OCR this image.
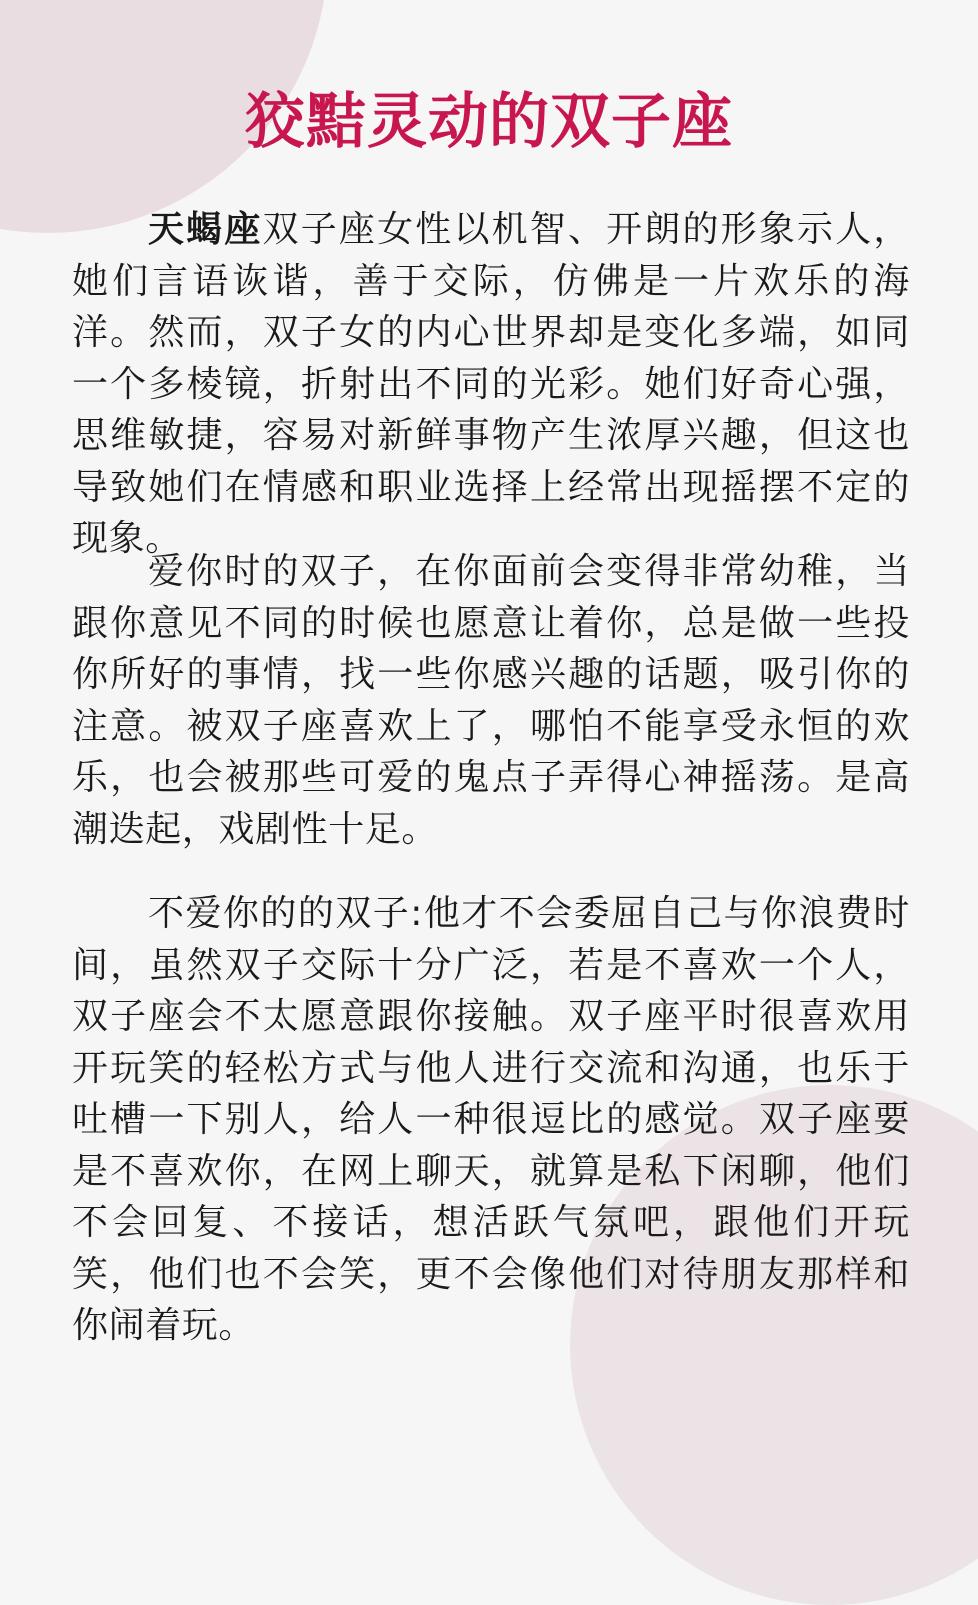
狡黠灵动的双子座
天蝎座双子座女性以机智、开朗的形象示人，她们言语诙谐，善于交际，仿佛是一片欢乐的海洋。然而，双子女的内心世界却是变化多端，如同一个多棱镜，折射出不同的光彩。她们好奇心强，思维敏捷，容易对新鲜事物产生浓厚兴趣，但这也导致她们在情感和职业选择上经常出现摇摆不定的现象。
爱你时的双子，在你面前会变得非常幼稚，当跟你意见不同的时候也愿意让着你，总是做一些投你所好的事情，找一些你感兴趣的话题，吸引你的注意。被双子座喜欢上了，哪怕不能享受永恒的欢乐，也会被那些可爱的鬼点子弄得心神摇荡。是高潮迭起，戏剧性十足。
不爱你的的双子:他才不会委屈自己与你浪费时间，虽然双子交际十分广泛，若是不喜欢一个人，双子座会不太愿意跟你接触。双子座平时很喜欢用开玩笑的轻松方式与他人进行交流和沟通，也乐于吐槽一下别人，给人一种很逗比的感觉。双子座要是不喜欢你，在网上聊天，就算是私下闲聊，他们不会回复、不接话，想活跃气氛吧，跟他们开玩笑，他们也不会笑，更不会像他们对待朋友那样和你闹着玩。
